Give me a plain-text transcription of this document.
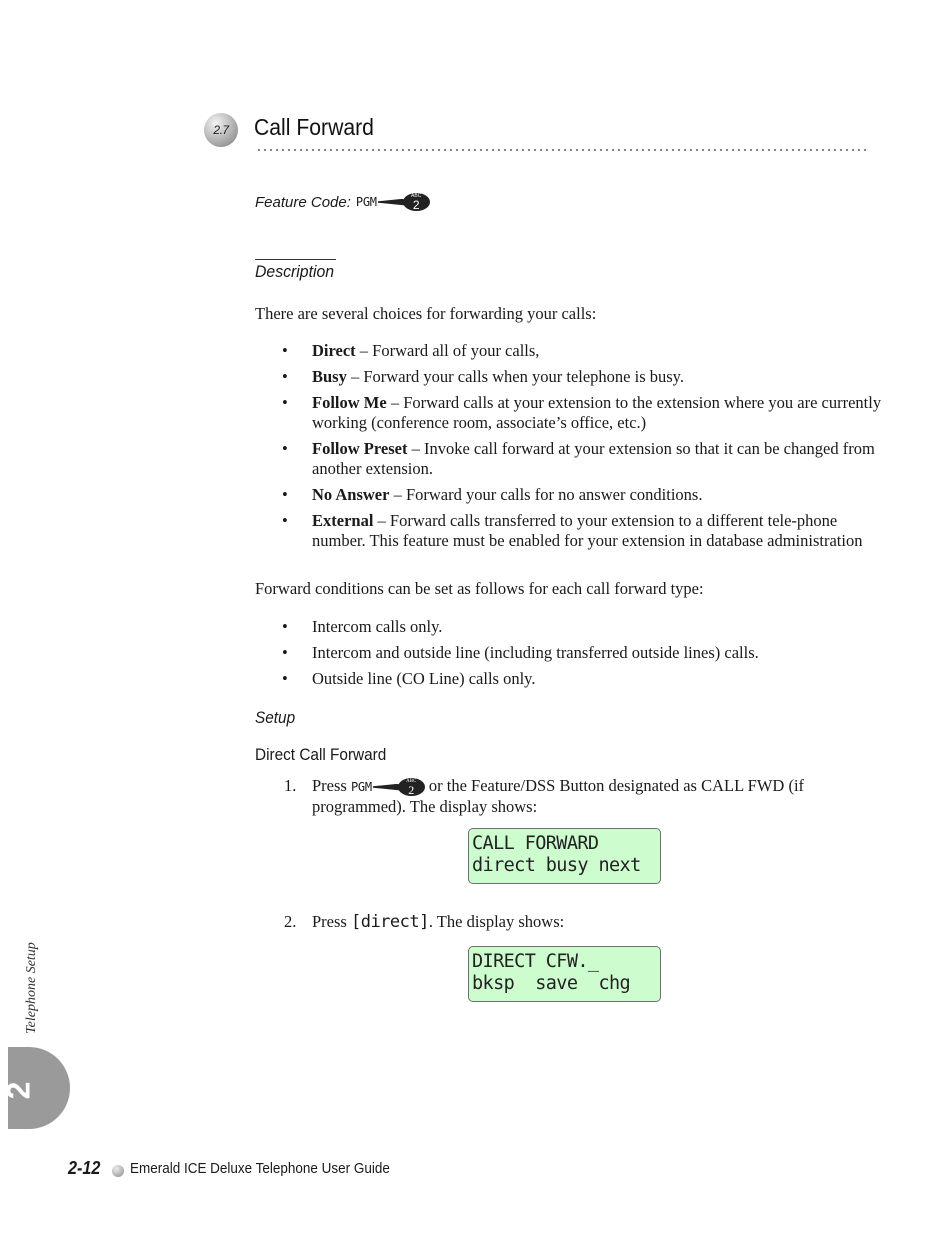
2.7 Call Forward
Feature Code: PGM	ABC
2
Description
There are several choices for forwarding your calls:
• Direct – Forward all of your calls,
• Busy – Forward your calls when your telephone is busy.
• Follow Me – Forward calls at your extension to the extension where you are currently working (conference room, associate’s office, etc.)
• Follow Preset – Invoke call forward at your extension so that it can be changed from another extension.
• No Answer – Forward your calls for no answer conditions.
• External – Forward calls transferred to your extension to a different tele-phone number. This feature must be enabled for your extension in database administration
Forward conditions can be set as follows for each call forward type:
• Intercom calls only.
• Intercom and outside line (including transferred outside lines) calls.
• Outside line (CO Line) calls only.
Setup
Direct Call Forward
1. Press PGM	ABC
2 or the Feature/DSS Button designated as CALL FWD (if programmed). The display shows:
CALL FORWARD
direct busy next
2. Press [direct]. The display shows:
DIRECT CFW._
bksp  save  chg
Telephone Setup
2
2-12 Emerald ICE Deluxe Telephone User Guide
